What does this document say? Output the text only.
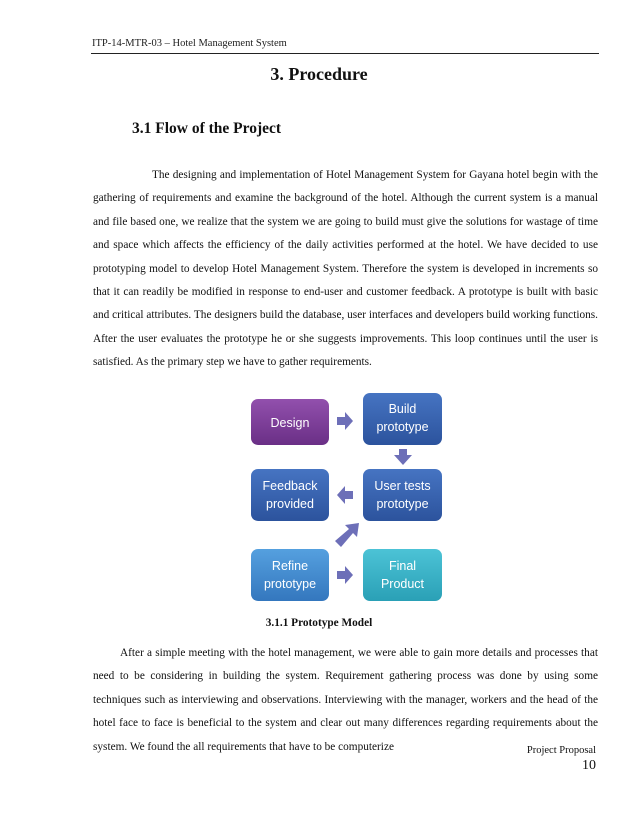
ITP-14-MTR-03 – Hotel Management System
3. Procedure
3.1 Flow of the Project

The designing and implementation of Hotel Management System for Gayana hotel begin with the gathering of requirements and examine the background of the hotel. Although the current system is a manual and file based one, we realize that the system we are going to build must give the solutions for wastage of time and space which affects the efficiency of the daily activities performed at the hotel. We have decided to use prototyping model to develop Hotel Management System. Therefore the system is developed in increments so that it can readily be modified in response to end-user and customer feedback. A prototype is built with basic and critical attributes. The designers build the database, user interfaces and developers build working functions. After the user evaluates the prototype he or she suggests improvements. This loop continues until the user is satisfied. As the primary step we have to gather requirements.

Design
Build
prototype
User tests
prototype
Feedback
provided
Refine
prototype
Final
Product
3.1.1 Prototype Model

After a simple meeting with the hotel management, we were able to gain more details and processes that need to be considering in building the system. Requirement gathering process was done by using some techniques such as interviewing and observations. Interviewing with the manager, workers and the head of the hotel face to face is beneficial to the system and clear out many differences regarding requirements about the system. We found the all requirements that have to be computerize	Project Proposal
10
